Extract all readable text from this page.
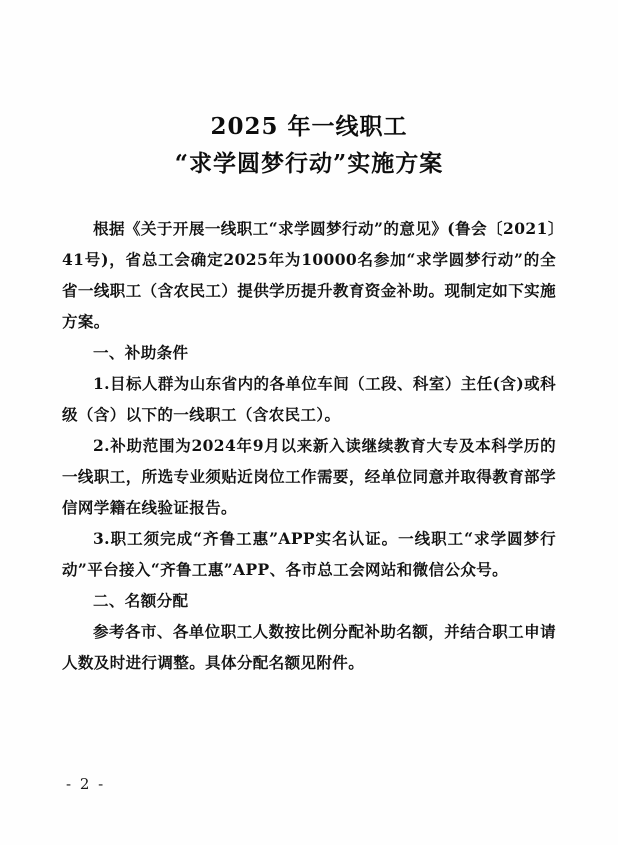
2025 年一线职工
“求学圆梦行动”实施方案

根据《关于开展一线职工“求学圆梦行动”的意见》(鲁会〔2021〕41号)，省总工会确定2025年为10000名参加“求学圆梦行动”的全省一线职工（含农民工）提供学历提升教育资金补助。现制定如下实施方案。

一、补助条件

1.目标人群为山东省内的各单位车间（工段、科室）主任(含)或科级（含）以下的一线职工（含农民工）。

2.补助范围为2024年9月以来新入读继续教育大专及本科学历的一线职工，所选专业须贴近岗位工作需要，经单位同意并取得教育部学信网学籍在线验证报告。

3.职工须完成“齐鲁工惠”APP实名认证。一线职工“求学圆梦行动”平台接入“齐鲁工惠”APP、各市总工会网站和微信公众号。

二、名额分配

参考各市、各单位职工人数按比例分配补助名额，并结合职工申请人数及时进行调整。具体分配名额见附件。

- 2 -
